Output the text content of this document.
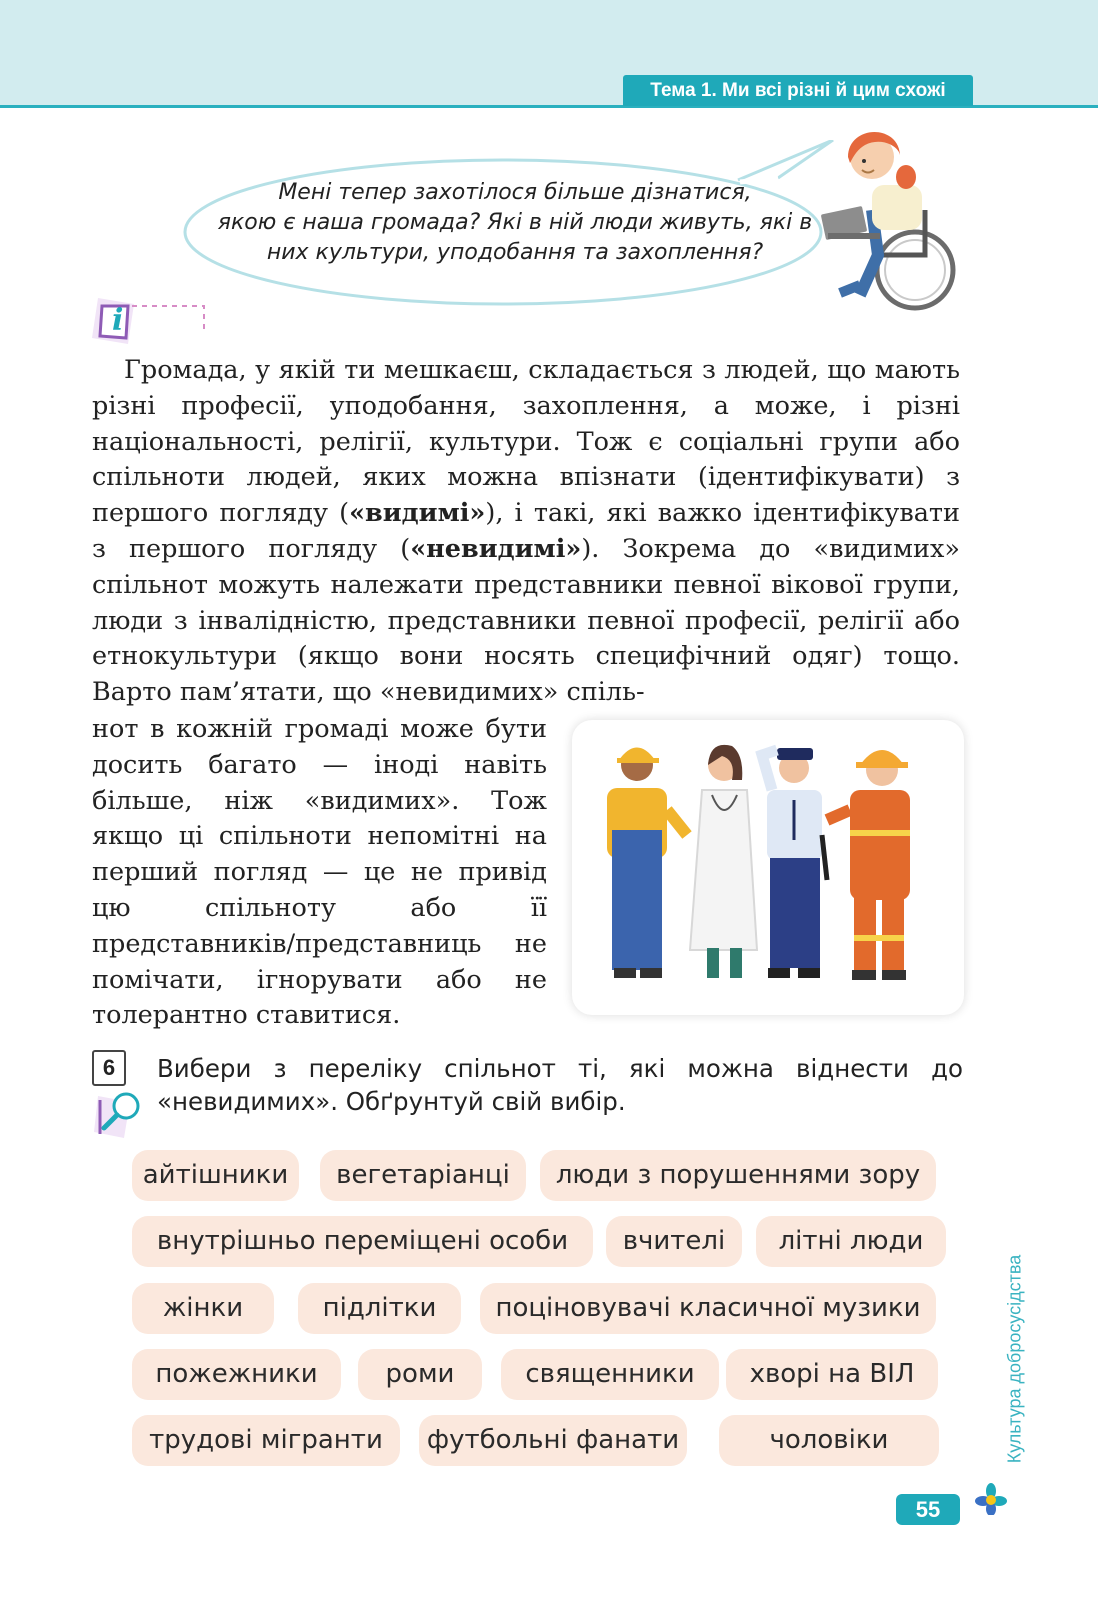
Тема 1. Ми всі різні й цим схожі
Мені тепер захотілося більше дізнатися,
якою є наша громада? Які в ній люди живуть, які в
них культури, уподобання та захоплення?
i

Громада, у якій ти мешкаєш, складається з людей, що мають різні професії, уподобання, захоплення, а може, і різні національності, релігії, культури. Тож є соціальні групи або спільноти людей, яких можна впізнати (ідентифікувати) з першого погляду («видимі»), і такі, які важко ідентифікувати з першого погляду («невидимі»). Зокрема до «видимих» спільнот можуть належати представники певної вікової групи, люди з інвалідністю, представники певної професії, релігії або етнокультури (якщо вони носять специфічний одяг) тощо. Варто пам’ятати, що «невидимих» спіль-

нот в кожній громаді може бути досить багато — іноді навіть більше, ніж «видимих». Тож якщо ці спільноти непомітні на перший погляд — це не привід цю спільноту або її представників/представниць не помічати, ігнорувати або не толерантно ставитися.

6	Вибери з переліку спільнот ті, які можна віднести до «невидимих». Обґрунтуй свій вибір.
айтішники	вегетаріанці	люди з порушеннями зору
внутрішньо переміщені особи	вчителі	літні люди
жінки	підлітки	поціновувачі класичної музики
пожежники	роми	священники	хворі на ВІЛ
трудові мігранти	футбольні фанати	чоловіки	Культура добросусідства
55
